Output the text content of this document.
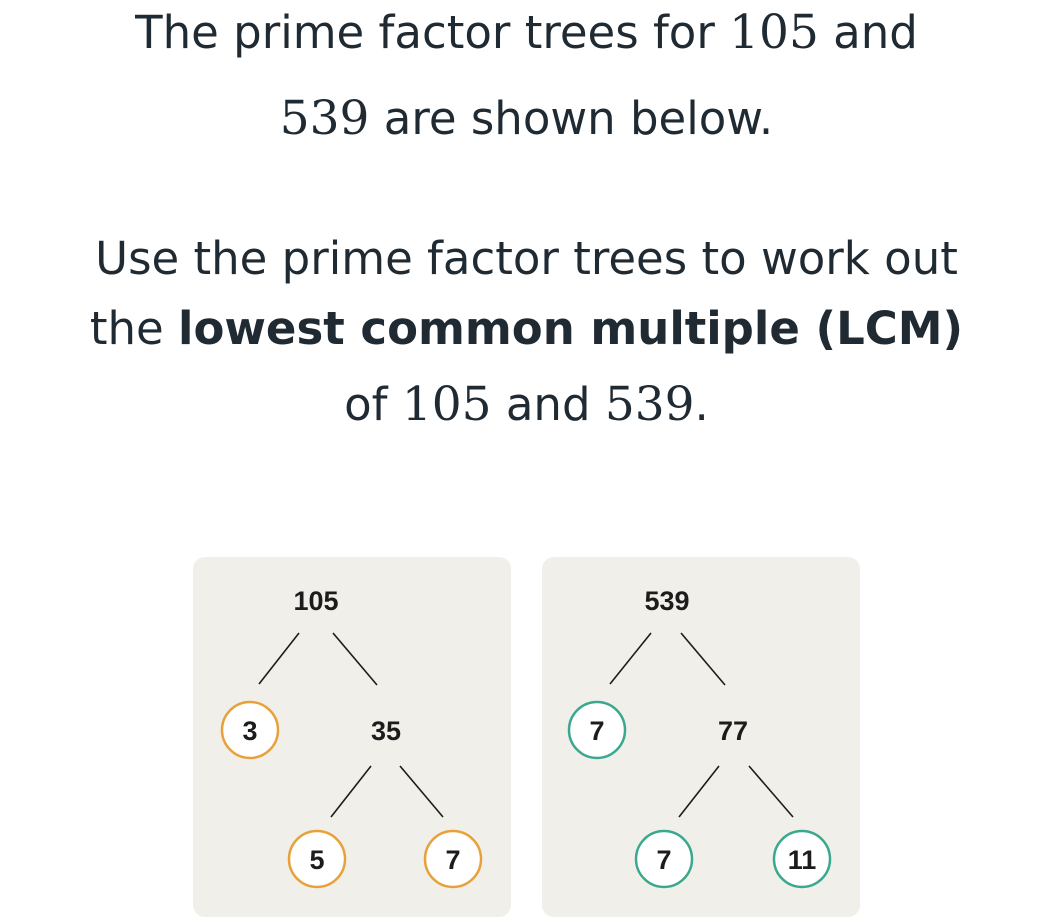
The prime factor trees for 105 and
539 are shown below.
Use the prime factor trees to work out
the lowest common multiple (LCM)
of 105 and 539.
105
3	35
5	7
539
7	77
7	11
